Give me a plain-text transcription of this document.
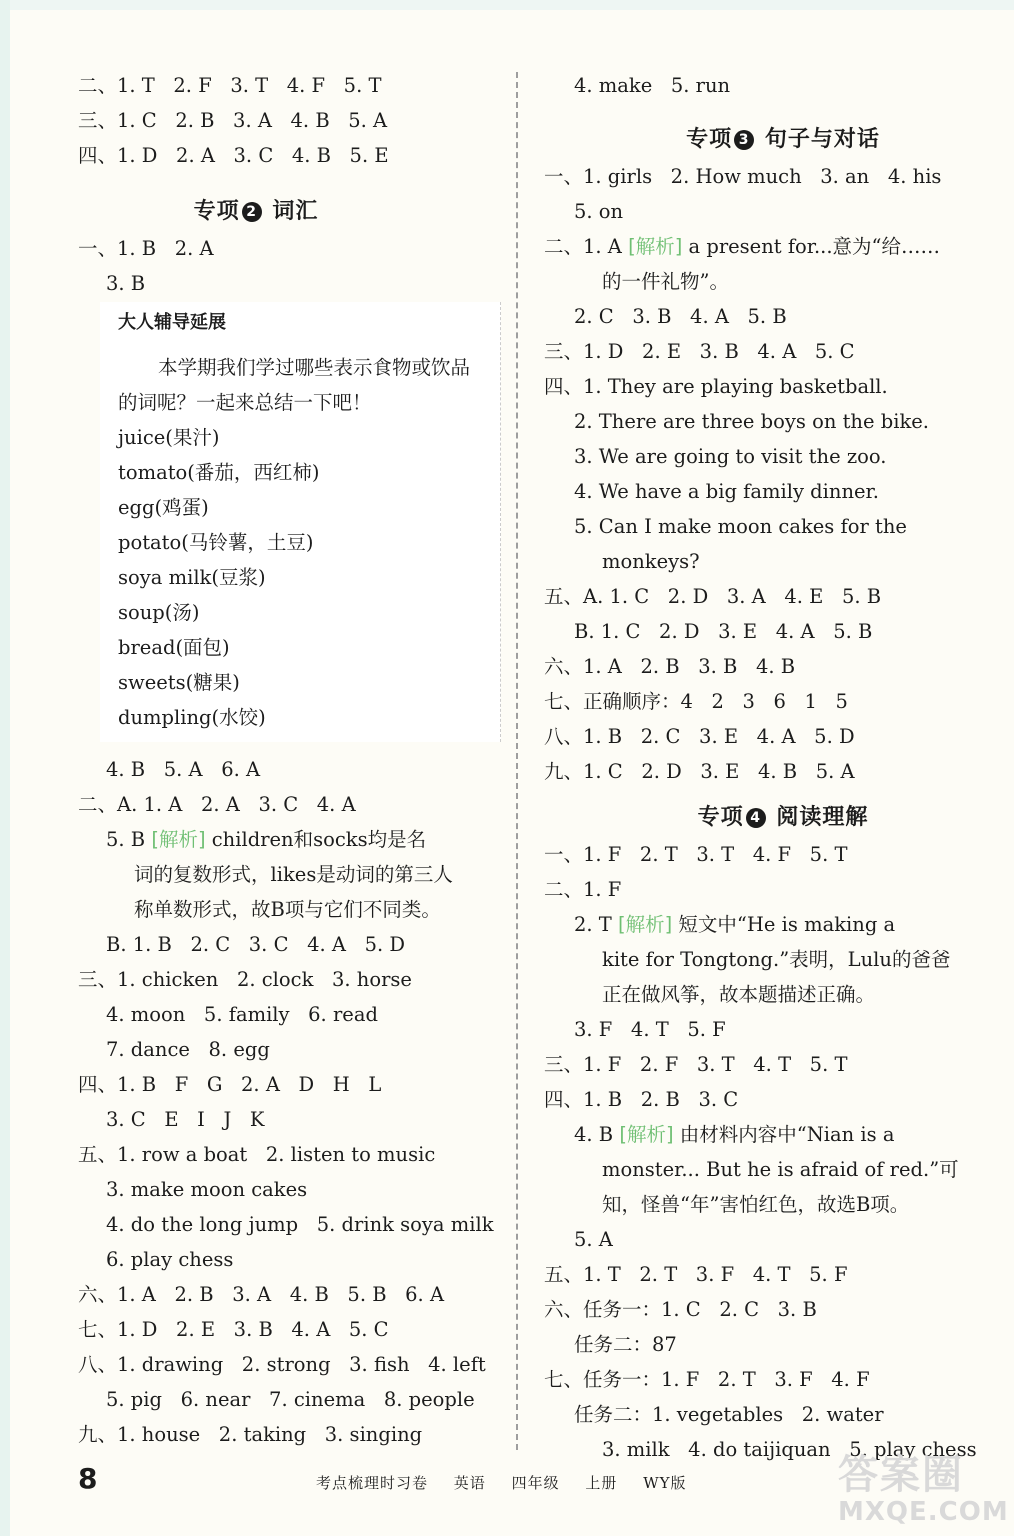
二、1. T   2. F   3. T   4. F   5. T
三、1. C   2. B   3. A   4. B   5. A
四、1. D   2. A   3. C   4. B   5. E
专项 2 词汇
一、1. B   2. A
3. B
大人辅导延展
本学期我们学过哪些表示食物或饮品的词呢？一起来总结一下吧！
juice(果汁)
tomato(番茄，西红柿)
egg(鸡蛋)
potato(马铃薯，土豆)
soya milk(豆浆)
soup(汤)
bread(面包)
sweets(糖果)
dumpling(水饺)
4. B   5. A   6. A
二、A. 1. A   2. A   3. C   4. A
5. B [解析] children和socks均是名
词的复数形式，likes是动词的第三人
称单数形式，故B项与它们不同类。
B. 1. B   2. C   3. C   4. A   5. D
三、1. chicken   2. clock   3. horse
4. moon   5. family   6. read
7. dance   8. egg
四、1. B   F   G   2. A   D   H   L
3. C   E   I   J   K
五、1. row a boat   2. listen to music
3. make moon cakes
4. do the long jump   5. drink soya milk
6. play chess
六、1. A   2. B   3. A   4. B   5. B   6. A
七、1. D   2. E   3. B   4. A   5. C
八、1. drawing   2. strong   3. fish   4. left
5. pig   6. near   7. cinema   8. people
九、1. house   2. taking   3. singing
4. make   5. run
专项 3 句子与对话
一、1. girls   2. How much   3. an   4. his
5. on
二、1. A [解析] a present for...意为“给……
的一件礼物”。
2. C   3. B   4. A   5. B
三、1. D   2. E   3. B   4. A   5. C
四、1. They are playing basketball.
2. There are three boys on the bike.
3. We are going to visit the zoo.
4. We have a big family dinner.
5. Can I make moon cakes for the
monkeys?
五、A. 1. C   2. D   3. A   4. E   5. B
B. 1. C   2. D   3. E   4. A   5. B
六、1. A   2. B   3. B   4. B
七、正确顺序：4   2   3   6   1   5
八、1. B   2. C   3. E   4. A   5. D
九、1. C   2. D   3. E   4. B   5. A
专项 4 阅读理解
一、1. F   2. T   3. T   4. F   5. T
二、1. F
2. T [解析] 短文中“He is making a
kite for Tongtong.”表明，Lulu的爸爸
正在做风筝，故本题描述正确。
3. F   4. T   5. F
三、1. F   2. F   3. T   4. T   5. T
四、1. B   2. B   3. C
4. B [解析] 由材料内容中“Nian is a
monster... But he is afraid of red.”可
知，怪兽“年”害怕红色，故选B项。
5. A
五、1. T   2. T   3. F   4. T   5. F
六、任务一：1. C   2. C   3. B
任务二：87
七、任务一：1. F   2. T   3. F   4. F
任务二：1. vegetables   2. water
3. milk   4. do taijiquan   5. play chess
8	考点梳理时习卷 英语 四年级 上册 WY版	答案圈
MXQE.COM
